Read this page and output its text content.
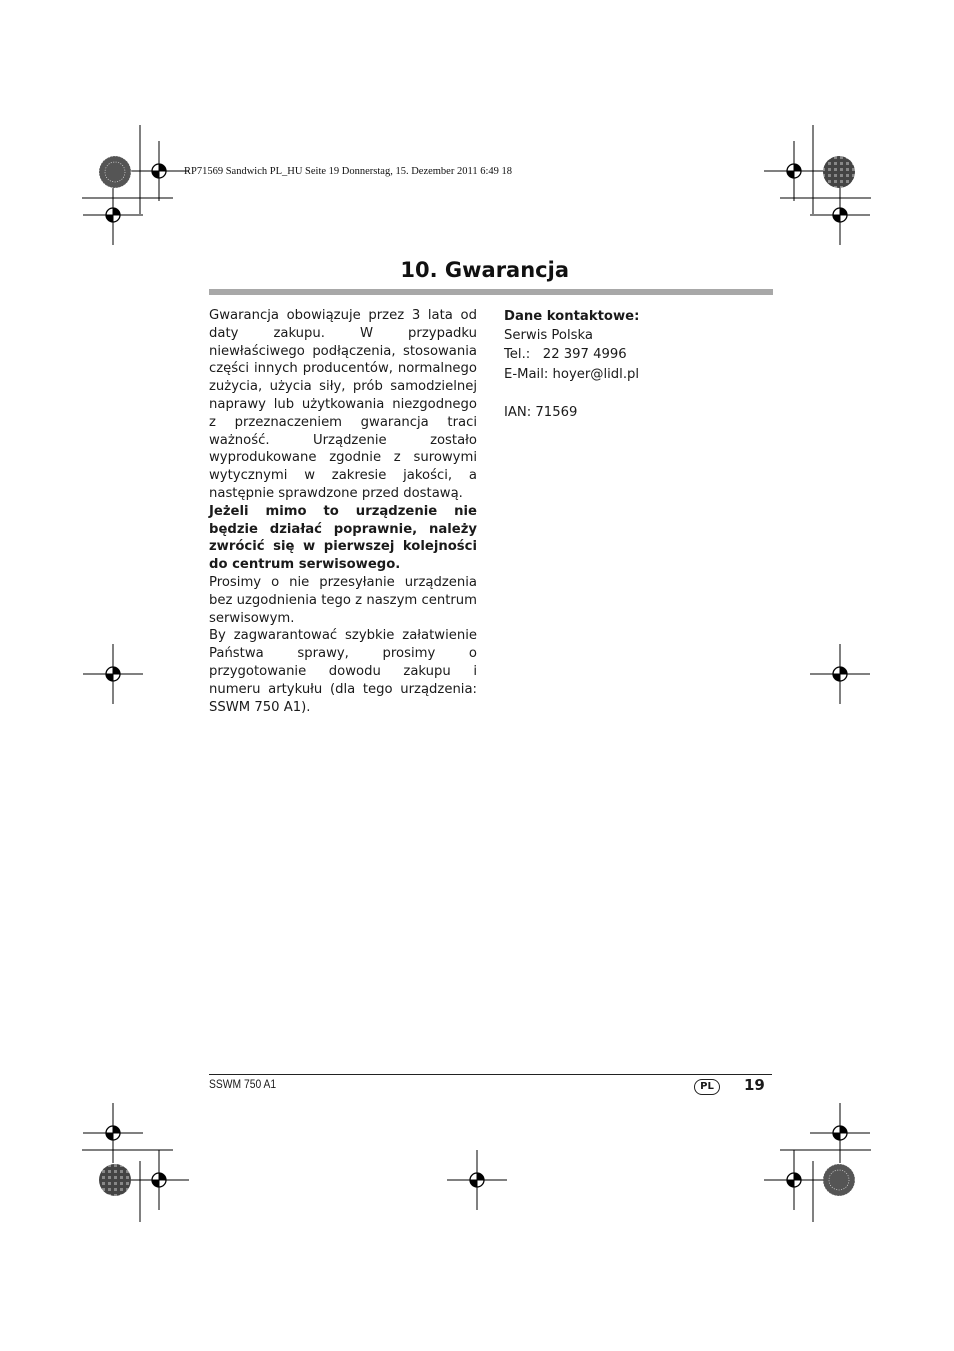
RP71569 Sandwich PL_HU Seite 19 Donnerstag, 15. Dezember 2011 6:49 18
10. Gwarancja

Gwarancja obowiązuje przez 3 lata od daty zakupu. W przypadku niewłaściwego podłączenia, stosowania części innych producentów, normalnego zużycia, użycia siły, prób samodzielnej naprawy lub użytkowania niezgodnego z przeznaczeniem gwarancja traci ważność. Urządzenie zostało wyprodukowane zgodnie z surowymi wytycznymi w zakresie jakości, a następnie sprawdzone przed dostawą.

Jeżeli mimo to urządzenie nie będzie działać poprawnie, należy zwrócić się w pierwszej kolejności do centrum serwisowego.

Prosimy o nie przesyłanie urządzenia bez uzgodnienia tego z naszym centrum serwisowym.

By zagwarantować szybkie załatwienie Państwa sprawy, prosimy o przygotowanie dowodu zakupu i numeru artykułu (dla tego urządzenia: SSWM 750 A1).

Dane kontaktowe:
Serwis Polska
Tel.:   22 397 4996
E-Mail: hoyer@lidl.pl
IAN: 71569
SSWM 750 A1	PL	19
